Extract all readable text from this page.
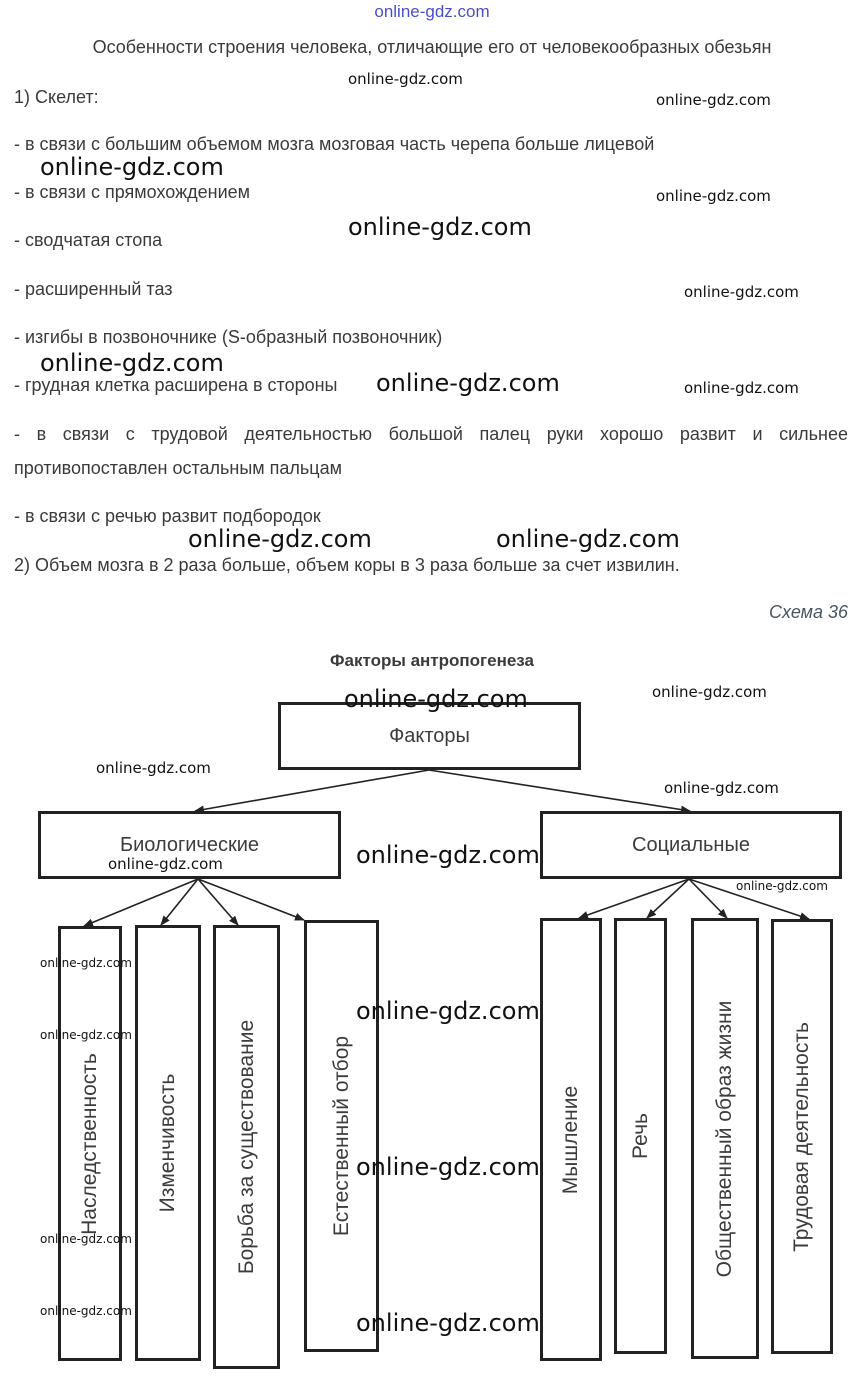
online-gdz.com
Особенности строения человека, отличающие его от человекообразных обезьян
1) Скелет:
- в связи с большим объемом мозга мозговая часть черепа больше лицевой
- в связи с прямохождением
- сводчатая стопа
- расширенный таз
- изгибы в позвоночнике (S-образный позвоночник)
- грудная клетка расширена в стороны
- в связи с трудовой деятельностью большой палец руки хорошо развит и сильнее
противопоставлен остальным пальцам
- в связи с речью развит подбородок
2) Объем мозга в 2 раза больше, объем коры в 3 раза больше за счет извилин.
Схема 36
Факторы антропогенеза
Факторы
Биологические	Социальные
Наследственность	Изменчивость	Борьба за существование	Естественный отбор	Мышление Речь	Общественный образ жизни	Трудовая деятельность
online-gdz.com
online-gdz.com
online-gdz.com
online-gdz.com
online-gdz.com
online-gdz.com
online-gdz.com
online-gdz.com	online-gdz.com
online-gdz.com	online-gdz.com
online-gdz.com
online-gdz.com
online-gdz.com
online-gdz.com
online-gdz.com
online-gdz.com
online-gdz.com
online-gdz.com
online-gdz.com
online-gdz.com
online-gdz.com
online-gdz.com
online-gdz.com	online-gdz.com
